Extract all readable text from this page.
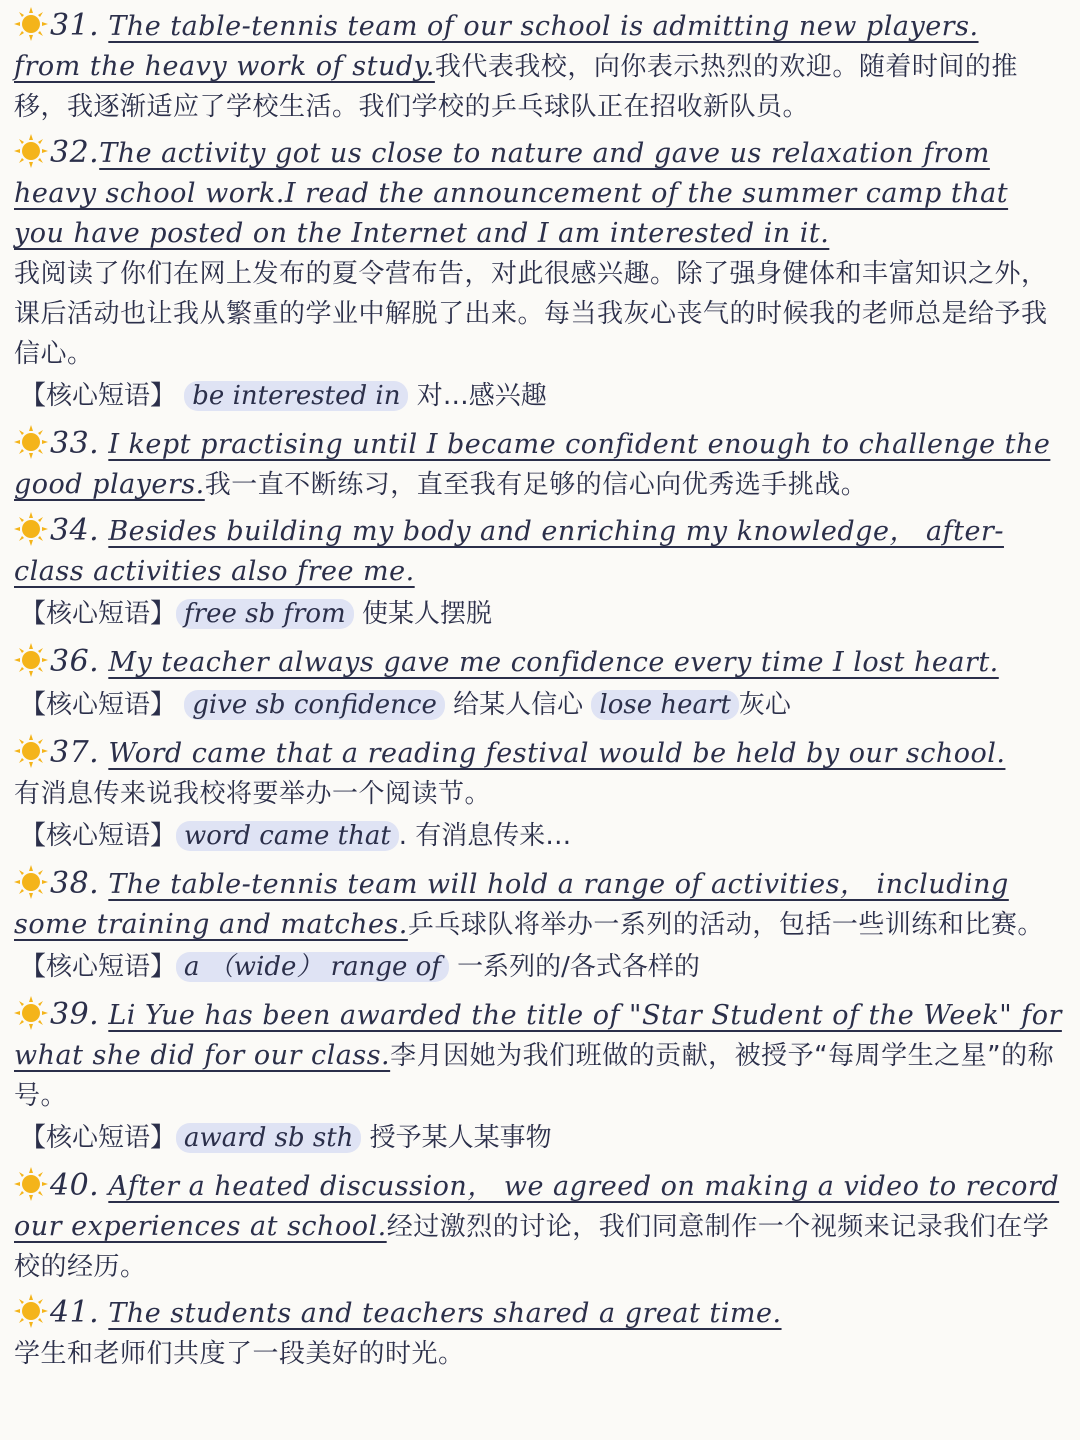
31. The table-tennis team of our school is admitting new players.
from the heavy work of study.我代表我校，向你表示热烈的欢迎。随着时间的推移，我逐渐适应了学校生活。我们学校的乒乓球队正在招收新队员。
32.The activity got us close to nature and gave us relaxation from heavy school work.I read the announcement of the summer camp that you have posted on the Internet and I am interested in it.
我阅读了你们在网上发布的夏令营布告，对此很感兴趣。除了强身健体和丰富知识之外，课后活动也让我从繁重的学业中解脱了出来。每当我灰心丧气的时候我的老师总是给予我信心。
【核心短语】 be interested in 对…感兴趣
33. I kept practising until I became confident enough to challenge the good players.我一直不断练习，直至我有足够的信心向优秀选手挑战。
34. Besides building my body and enriching my knowledge， after-class activities also free me.
【核心短语】 free sb from 使某人摆脱
36. My teacher always gave me confidence every time I lost heart.
【核心短语】 give sb confidence 给某人信心 lose heart 灰心
37. Word came that a reading festival would be held by our school.
有消息传来说我校将要举办一个阅读节。
【核心短语】 word came that . 有消息传来…
38. The table-tennis team will hold a range of activities， including some training and matches.乒乓球队将举办一系列的活动，包括一些训练和比赛。
【核心短语】 a （wide） range of 一系列的/各式各样的
39. Li Yue has been awarded the title of "Star Student of the Week" for what she did for our class.李月因她为我们班做的贡献，被授予“每周学生之星”的称号。
【核心短语】 award sb sth 授予某人某事物
40. After a heated discussion， we agreed on making a video to record our experiences at school.经过激烈的讨论，我们同意制作一个视频来记录我们在学校的经历。
41. The students and teachers shared a great time.
学生和老师们共度了一段美好的时光。
